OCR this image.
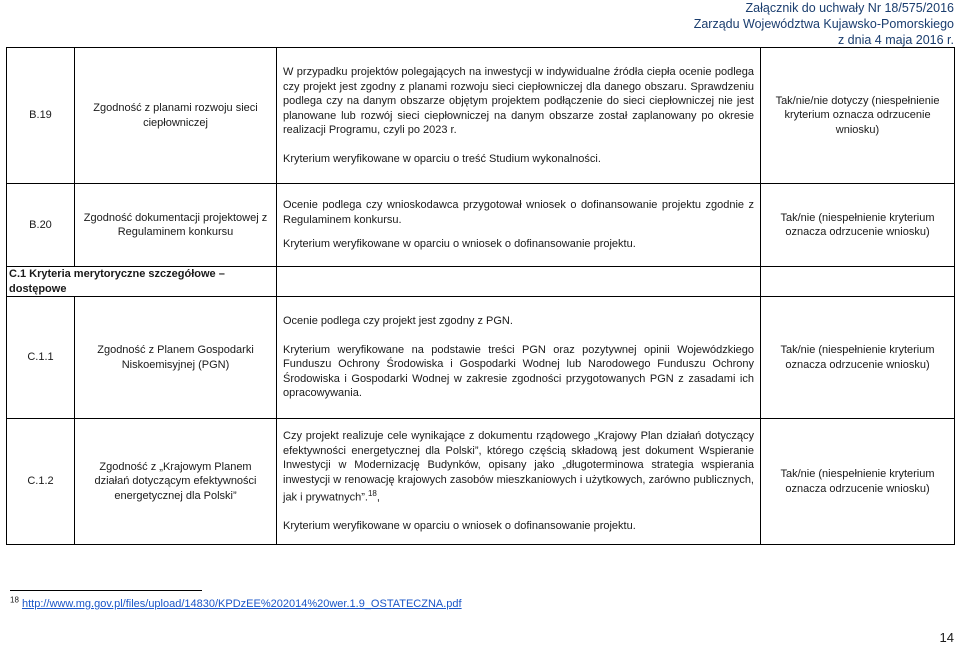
Załącznik do uchwały Nr 18/575/2016
Zarządu Województwa Kujawsko-Pomorskiego
z dnia 4 maja 2016 r.
B.19	Zgodność z planami rozwoju sieci ciepłowniczej	W przypadku projektów polegających na inwestycji w indywidualne źródła ciepła ocenie podlega czy projekt jest zgodny z planami rozwoju sieci ciepłowniczej dla danego obszaru. Sprawdzeniu podlega czy na danym obszarze objętym projektem podłączenie do sieci ciepłowniczej nie jest planowane lub rozwój sieci ciepłowniczej na danym obszarze został zaplanowany po okresie realizacji Programu, czyli po 2023 r.

Kryterium weryfikowane w oparciu o treść Studium wykonalności.	Tak/nie/nie dotyczy (niespełnienie kryterium oznacza odrzucenie wniosku)
B.20	Zgodność dokumentacji projektowej z Regulaminem konkursu	Ocenie podlega czy wnioskodawca przygotował wniosek o dofinansowanie projektu zgodnie z Regulaminem konkursu.

Kryterium weryfikowane w oparciu o wniosek o dofinansowanie projektu.	Tak/nie (niespełnienie kryterium oznacza odrzucenie wniosku)
C.1 Kryteria merytoryczne szczegółowe – dostępowe			
C.1.1	Zgodność z Planem Gospodarki Niskoemisyjnej (PGN)	Ocenie podlega czy projekt jest zgodny z PGN.

Kryterium weryfikowane na podstawie treści PGN oraz pozytywnej opinii Wojewódzkiego Funduszu Ochrony Środowiska i Gospodarki Wodnej lub Narodowego Funduszu Ochrony Środowiska i Gospodarki Wodnej w zakresie zgodności przygotowanych PGN z zasadami ich opracowywania.	Tak/nie (niespełnienie kryterium oznacza odrzucenie wniosku)
C.1.2	Zgodność z „Krajowym Planem działań dotyczącym efektywności energetycznej dla Polski”	Czy projekt realizuje cele wynikające z dokumentu rządowego „Krajowy Plan działań dotyczący efektywności energetycznej dla Polski”, którego częścią składową jest dokument Wspieranie Inwestycji w Modernizację Budynków, opisany jako „długoterminowa strategia wspierania inwestycji w renowację krajowych zasobów mieszkaniowych i użytkowych, zarówno publicznych, jak i prywatnych”.$^{18}$,

Kryterium weryfikowane w oparciu o wniosek o dofinansowanie projektu.	Tak/nie (niespełnienie kryterium oznacza odrzucenie wniosku)
$^{18}$ http://www.mg.gov.pl/files/upload/14830/KPDzEE%202014%20wer.1.9_OSTATECZNA.pdf
14
